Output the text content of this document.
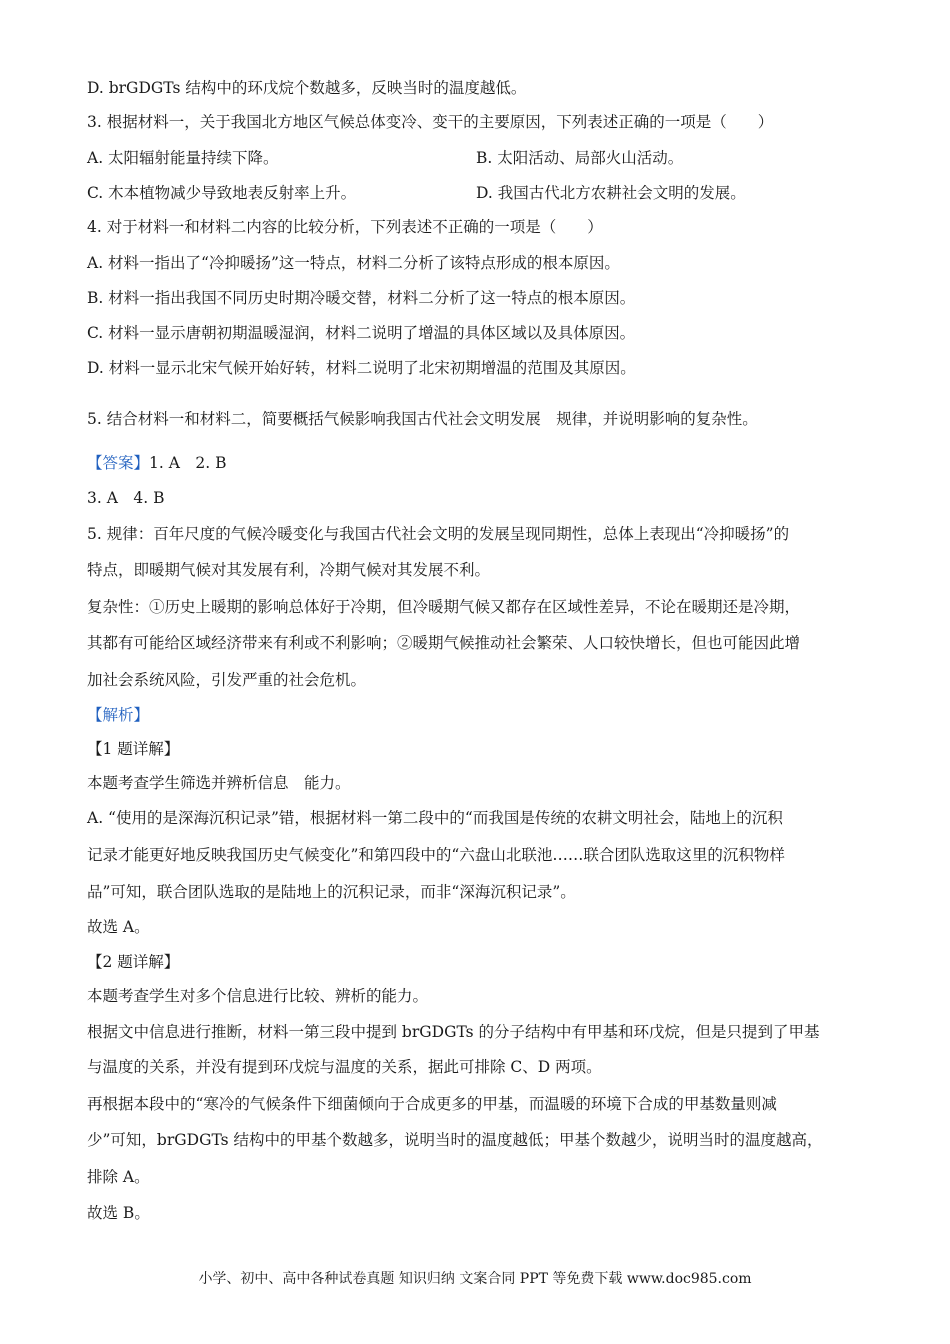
D. brGDGTs 结构中的环戊烷个数越多，反映当时的温度越低。
3. 根据材料一，关于我国北方地区气候总体变冷、变干的主要原因，下列表述正确的一项是（　　）
A. 太阳辐射能量持续下降。	B. 太阳活动、局部火山活动。
C. 木本植物减少导致地表反射率上升。	D. 我国古代北方农耕社会文明的发展。
4. 对于材料一和材料二内容的比较分析，下列表述不正确的一项是（　　）
A. 材料一指出了“冷抑暖扬”这一特点，材料二分析了该特点形成的根本原因。
B. 材料一指出我国不同历史时期冷暖交替，材料二分析了这一特点的根本原因。
C. 材料一显示唐朝初期温暖湿润，材料二说明了增温的具体区域以及具体原因。
D. 材料一显示北宋气候开始好转，材料二说明了北宋初期增温的范围及其原因。
5. 结合材料一和材料二，简要概括气候影响我国古代社会文明发展　规律，并说明影响的复杂性。
【答案】1. A　2. B
3. A　4. B
5. 规律：百年尺度的气候冷暖变化与我国古代社会文明的发展呈现同期性，总体上表现出“冷抑暖扬”的
特点，即暖期气候对其发展有利，冷期气候对其发展不利。
复杂性：①历史上暖期的影响总体好于冷期，但冷暖期气候又都存在区域性差异，不论在暖期还是冷期，
其都有可能给区域经济带来有利或不利影响；②暖期气候推动社会繁荣、人口较快增长，但也可能因此增
加社会系统风险，引发严重的社会危机。
【解析】
【1 题详解】
本题考查学生筛选并辨析信息　能力。
A. “使用的是深海沉积记录”错，根据材料一第二段中的“而我国是传统的农耕文明社会，陆地上的沉积
记录才能更好地反映我国历史气候变化”和第四段中的“六盘山北联池……联合团队选取这里的沉积物样
品”可知，联合团队选取的是陆地上的沉积记录，而非“深海沉积记录”。
故选 A。
【2 题详解】
本题考查学生对多个信息进行比较、辨析的能力。
根据文中信息进行推断，材料一第三段中提到 brGDGTs 的分子结构中有甲基和环戊烷，但是只提到了甲基
与温度的关系，并没有提到环戊烷与温度的关系，据此可排除 C、D 两项。
再根据本段中的“寒冷的气候条件下细菌倾向于合成更多的甲基，而温暖的环境下合成的甲基数量则减
少”可知，brGDGTs 结构中的甲基个数越多，说明当时的温度越低；甲基个数越少，说明当时的温度越高，
排除 A。
故选 B。
小学、初中、高中各种试卷真题 知识归纳 文案合同 PPT 等免费下载 www.doc985.com
